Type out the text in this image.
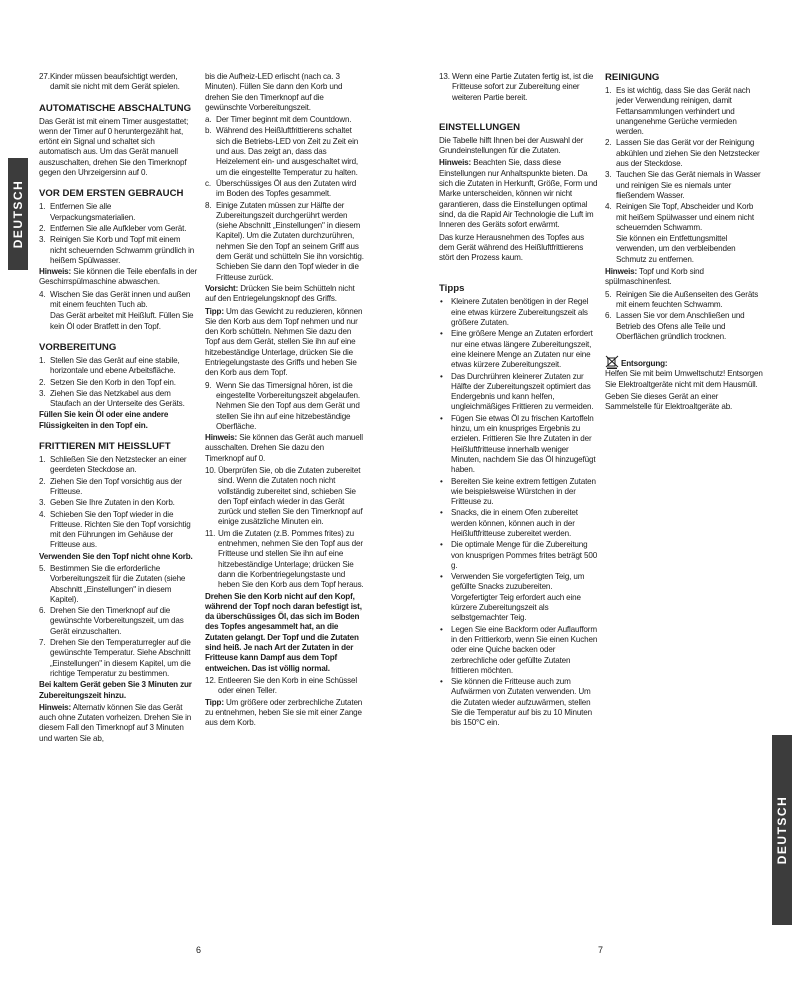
DEUTSCH
DEUTSCH
27. Kinder müssen beaufsichtigt werden, damit sie nicht mit dem Gerät spielen.
AUTOMATISCHE ABSCHALTUNG

Das Gerät ist mit einem Timer ausgestattet; wenn der Timer auf 0 heruntergezählt hat, ertönt ein Signal und schaltet sich automatisch aus. Um das Gerät manuell auszuschalten, drehen Sie den Timerknopf gegen den Uhrzeigersinn auf 0.

VOR DEM ERSTEN GEBRAUCH
1. Entfernen Sie alle Verpackungsmaterialien.
2. Entfernen Sie alle Aufkleber vom Gerät.
3. Reinigen Sie Korb und Topf mit einem nicht scheuernden Schwamm gründlich in heißem Spülwasser.

Hinweis: Sie können die Teile ebenfalls in der Geschirrspülmaschine abwaschen.

4. Wischen Sie das Gerät innen und außen mit einem feuchten Tuch ab.

Das Gerät arbeitet mit Heißluft. Füllen Sie kein Öl oder Bratfett in den Topf.

VORBEREITUNG
1. Stellen Sie das Gerät auf eine stabile, horizontale und ebene Arbeitsfläche.
2. Setzen Sie den Korb in den Topf ein.
3. Ziehen Sie das Netzkabel aus dem Staufach an der Unterseite des Geräts.

Füllen Sie kein Öl oder eine andere Flüssigkeiten in den Topf ein.

FRITTIEREN MIT HEISSLUFT
1. Schließen Sie den Netzstecker an einer geerdeten Steckdose an.
2. Ziehen Sie den Topf vorsichtig aus der Fritteuse.
3. Geben Sie Ihre Zutaten in den Korb.
4. Schieben Sie den Topf wieder in die Fritteuse. Richten Sie den Topf vorsichtig mit den Führungen im Gehäuse der Fritteuse aus.

Verwenden Sie den Topf nicht ohne Korb.

5. Bestimmen Sie die erforderliche Vorbereitungszeit für die Zutaten (siehe Abschnitt „Einstellungen" in diesem Kapitel).
6. Drehen Sie den Timerknopf auf die gewünschte Vorbereitungszeit, um das Gerät einzuschalten.
7. Drehen Sie den Temperaturregler auf die gewünschte Temperatur. Siehe Abschnitt „Einstellungen" in diesem Kapitel, um die richtige Temperatur zu bestimmen.

Bei kaltem Gerät geben Sie 3 Minuten zur Zubereitungszeit hinzu.

Hinweis: Alternativ können Sie das Gerät auch ohne Zutaten vorheizen. Drehen Sie in diesem Fall den Timerknopf auf 3 Minuten und warten Sie ab,

bis die Aufheiz-LED erlischt (nach ca. 3 Minuten). Füllen Sie dann den Korb und drehen Sie den Timerknopf auf die gewünschte Vorbereitungszeit.

a. Der Timer beginnt mit dem Countdown.
b. Während des Heißluftfrittierens schaltet sich die Betriebs-LED von Zeit zu Zeit ein und aus. Das zeigt an, dass das Heizelement ein- und ausgeschaltet wird, um die eingestellte Temperatur zu halten.
c. Überschüssiges Öl aus den Zutaten wird im Boden des Topfes gesammelt.
8. Einige Zutaten müssen zur Hälfte der Zubereitungszeit durchgerührt werden (siehe Abschnitt „Einstellungen" in diesem Kapitel). Um die Zutaten durchzurühren, nehmen Sie den Topf an seinem Griff aus dem Gerät und schütteln Sie ihn vorsichtig. Schieben Sie dann den Topf wieder in die Fritteuse zurück.

Vorsicht: Drücken Sie beim Schütteln nicht auf den Entriegelungsknopf des Griffs.

Tipp: Um das Gewicht zu reduzieren, können Sie den Korb aus dem Topf nehmen und nur den Korb schütteln. Nehmen Sie dazu den Topf aus dem Gerät, stellen Sie ihn auf eine hitzebeständige Unterlage, drücken Sie die Entriegelungstaste des Griffs und heben Sie den Korb aus dem Topf.

9. Wenn Sie das Timersignal hören, ist die eingestellte Vorbereitungszeit abgelaufen. Nehmen Sie den Topf aus dem Gerät und stellen Sie ihn auf eine hitzebeständige Oberfläche.

Hinweis: Sie können das Gerät auch manuell ausschalten. Drehen Sie dazu den Timerknopf auf 0.

10. Überprüfen Sie, ob die Zutaten zubereitet sind. Wenn die Zutaten noch nicht vollständig zubereitet sind, schieben Sie den Topf einfach wieder in das Gerät zurück und stellen Sie den Timerknopf auf einige zusätzliche Minuten ein.
11. Um die Zutaten (z.B. Pommes frites) zu entnehmen, nehmen Sie den Topf aus der Fritteuse und stellen Sie ihn auf eine hitzebeständige Unterlage; drücken Sie dann die Korbentriegelungstaste und heben Sie den Korb aus dem Topf heraus.

Drehen Sie den Korb nicht auf den Kopf, während der Topf noch daran befestigt ist, da überschüssiges Öl, das sich im Boden des Topfes angesammelt hat, an die Zutaten gelangt. Der Topf und die Zutaten sind heiß. Je nach Art der Zutaten in der Fritteuse kann Dampf aus dem Topf entweichen. Das ist völlig normal.

12. Entleeren Sie den Korb in eine Schüssel oder einen Teller.

Tipp: Um größere oder zerbrechliche Zutaten zu entnehmen, heben Sie sie mit einer Zange aus dem Korb.

13. Wenn eine Partie Zutaten fertig ist, ist die Fritteuse sofort zur Zubereitung einer weiteren Partie bereit.
EINSTELLUNGEN

Die Tabelle hilft Ihnen bei der Auswahl der Grundeinstellungen für die Zutaten.

Hinweis: Beachten Sie, dass diese Einstellungen nur Anhaltspunkte bieten. Da sich die Zutaten in Herkunft, Größe, Form und Marke unterscheiden, können wir nicht garantieren, dass die Einstellungen optimal sind, da die Rapid Air Technologie die Luft im Inneren des Geräts sofort erwärmt.

Das kurze Herausnehmen des Topfes aus dem Gerät während des Heißluftfrittierens stört den Prozess kaum.

Tipps
•	Kleinere Zutaten benötigen in der Regel eine etwas kürzere Zubereitungszeit als größere Zutaten.
•	Eine größere Menge an Zutaten erfordert nur eine etwas längere Zubereitungszeit, eine kleinere Menge an Zutaten nur eine etwas kürzere Zubereitungszeit.
•	Das Durchrühren kleinerer Zutaten zur Hälfte der Zubereitungszeit optimiert das Endergebnis und kann helfen, ungleichmäßiges Frittieren zu vermeiden.
•	Fügen Sie etwas Öl zu frischen Kartoffeln hinzu, um ein knuspriges Ergebnis zu erzielen. Frittieren Sie Ihre Zutaten in der Heißluftfritteuse innerhalb weniger Minuten, nachdem Sie das Öl hinzugefügt haben.
•	Bereiten Sie keine extrem fettigen Zutaten wie beispielsweise Würstchen in der Fritteuse zu.
•	Snacks, die in einem Ofen zubereitet werden können, können auch in der Heißluftfritteuse zubereitet werden.
•	Die optimale Menge für die Zubereitung von knusprigen Pommes frites beträgt 500 g.
•	Verwenden Sie vorgefertigten Teig, um gefüllte Snacks zuzubereiten. Vorgefertigter Teig erfordert auch eine kürzere Zubereitungszeit als selbstgemachter Teig.
•	Legen Sie eine Backform oder Auflaufform in den Frittierkorb, wenn Sie einen Kuchen oder eine Quiche backen oder zerbrechliche oder gefüllte Zutaten frittieren möchten.
•	Sie können die Fritteuse auch zum Aufwärmen von Zutaten verwenden. Um die Zutaten wieder aufzuwärmen, stellen Sie die Temperatur auf bis zu 10 Minuten bis 150°C ein.
REINIGUNG
1. Es ist wichtig, dass Sie das Gerät nach jeder Verwendung reinigen, damit Fettansammlungen verhindert und unangenehme Gerüche vermieden werden.
2. Lassen Sie das Gerät vor der Reinigung abkühlen und ziehen Sie den Netzstecker aus der Steckdose.
3. Tauchen Sie das Gerät niemals in Wasser und reinigen Sie es niemals unter fließendem Wasser.
4. Reinigen Sie Topf, Abscheider und Korb mit heißem Spülwasser und einem nicht scheuernden Schwamm.

Sie können ein Entfettungsmittel verwenden, um den verbleibenden Schmutz zu entfernen.

Hinweis: Topf und Korb sind spülmaschinenfest.

5. Reinigen Sie die Außenseiten des Geräts mit einem feuchten Schwamm.
6. Lassen Sie vor dem Anschließen und Betrieb des Ofens alle Teile und Oberflächen gründlich trocknen.

Entsorgung:
Helfen Sie mit beim Umweltschutz! Entsorgen Sie Elektroaltgeräte nicht mit dem Hausmüll.

Geben Sie dieses Gerät an einer Sammelstelle für Elektroaltgeräte ab.

6	7
